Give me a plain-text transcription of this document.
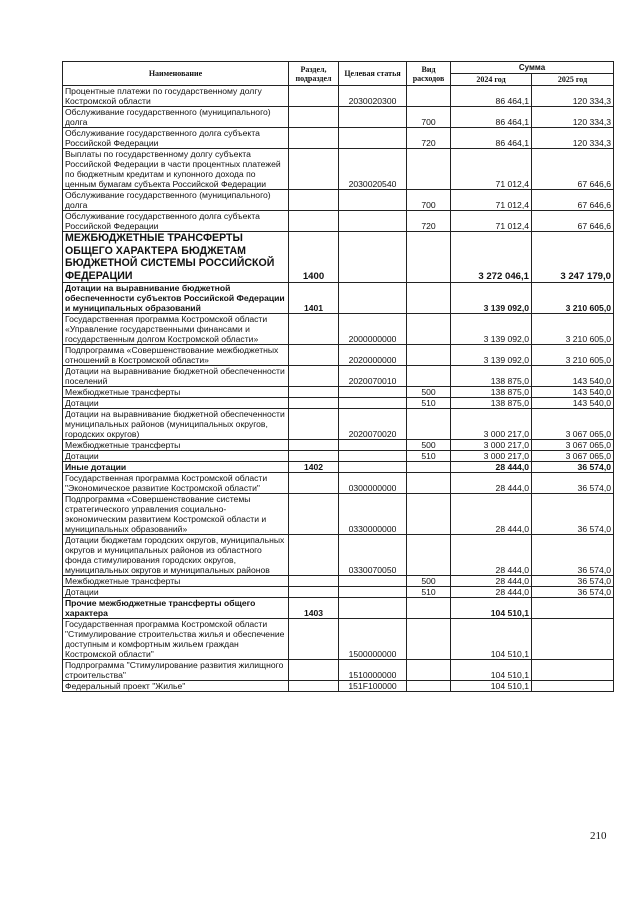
Наименование	Раздел, подраздел	Целевая статья	Вид расходов	Сумма	
				2024 год	2025 год
Процентные платежи по государственному долгу Костромской области		2030020300		86 464,1	120 334,3
Обслуживание государственного (муниципального) долга			700	86 464,1	120 334,3
Обслуживание государственного долга субъекта Российской Федерации			720	86 464,1	120 334,3
Выплаты по государственному долгу субъекта Российской Федерации в части процентных платежей по бюджетным кредитам и купонного дохода по ценным бумагам субъекта Российской Федерации		2030020540		71 012,4	67 646,6
Обслуживание государственного (муниципального) долга			700	71 012,4	67 646,6
Обслуживание государственного долга субъекта Российской Федерации			720	71 012,4	67 646,6
МЕЖБЮДЖЕТНЫЕ ТРАНСФЕРТЫ ОБЩЕГО ХАРАКТЕРА БЮДЖЕТАМ БЮДЖЕТНОЙ СИСТЕМЫ РОССИЙСКОЙ ФЕДЕРАЦИИ	1400			3 272 046,1	3 247 179,0
Дотации на выравнивание бюджетной обеспеченности субъектов Российской Федерации и муниципальных образований	1401			3 139 092,0	3 210 605,0
Государственная программа Костромской области «Управление государственными финансами и государственным долгом Костромской области»		2000000000		3 139 092,0	3 210 605,0
Подпрограмма «Совершенствование межбюджетных отношений в Костромской области»		2020000000		3 139 092,0	3 210 605,0
Дотации на выравнивание бюджетной обеспеченности поселений		2020070010		138 875,0	143 540,0
Межбюджетные трансферты			500	138 875,0	143 540,0
Дотации			510	138 875,0	143 540,0
Дотации на выравнивание бюджетной обеспеченности муниципальных районов (муниципальных округов, городских округов)		2020070020		3 000 217,0	3 067 065,0
Межбюджетные трансферты			500	3 000 217,0	3 067 065,0
Дотации			510	3 000 217,0	3 067 065,0
Иные дотации	1402			28 444,0	36 574,0
Государственная программа Костромской области "Экономическое развитие Костромской области"		0300000000		28 444,0	36 574,0
Подпрограмма «Совершенствование системы стратегического управления социально-экономическим развитием Костромской области и муниципальных образований»		0330000000		28 444,0	36 574,0
Дотации бюджетам городских округов, муниципальных округов и муниципальных районов из областного фонда стимулирования городских округов, муниципальных округов и муниципальных районов		0330070050		28 444,0	36 574,0
Межбюджетные трансферты			500	28 444,0	36 574,0
Дотации			510	28 444,0	36 574,0
Прочие межбюджетные трансферты общего характера	1403			104 510,1	
Государственная программа Костромской области "Стимулирование строительства жилья и обеспечение доступным и комфортным жильем граждан Костромской области"		1500000000		104 510,1	
Подпрограмма "Стимулирование развития жилищного строительства"		1510000000		104 510,1	
Федеральный проект "Жилье"		151F100000		104 510,1	
210
